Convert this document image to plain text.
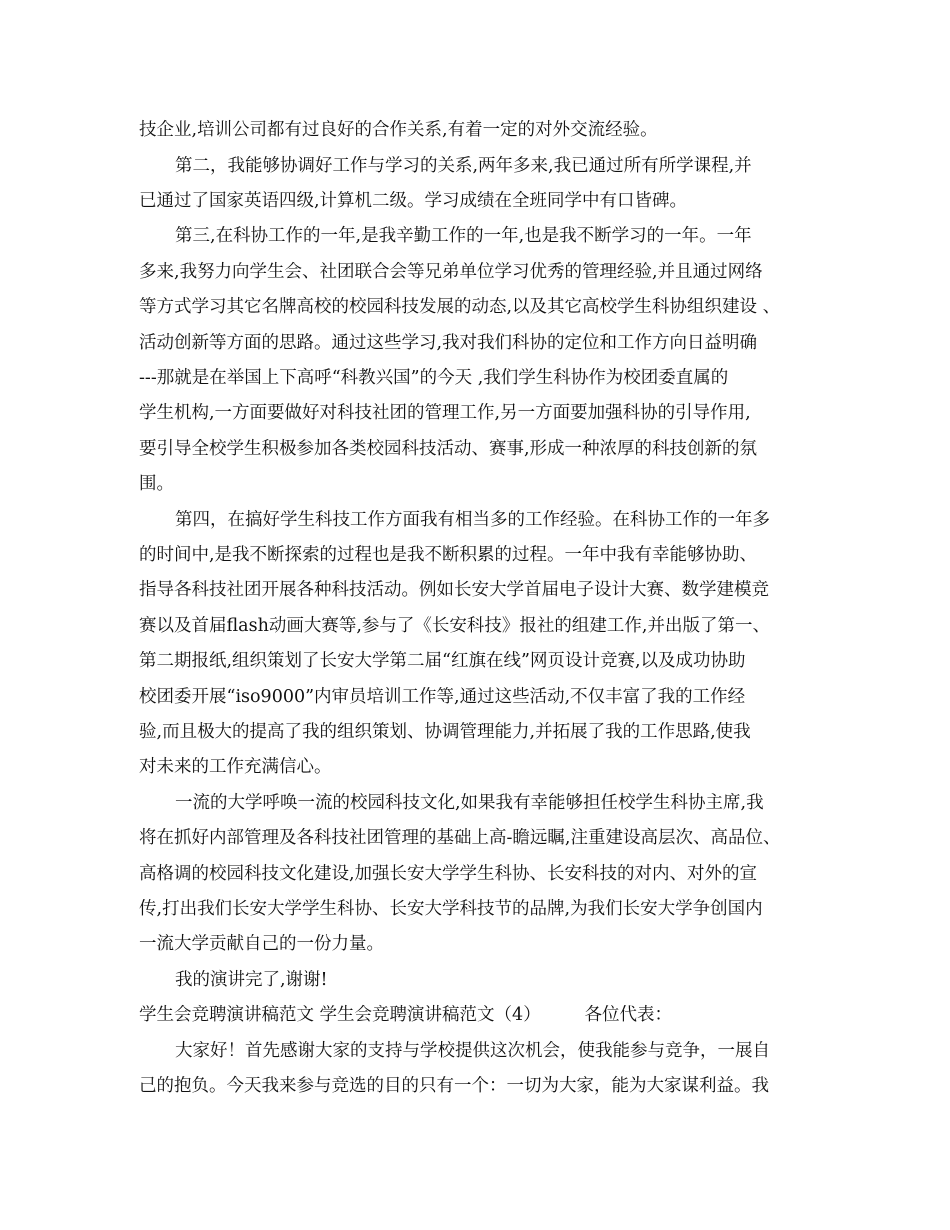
技企业,培训公司都有过良好的合作关系,有着一定的对外交流经验。
第二，我能够协调好工作与学习的关系,两年多来,我已通过所有所学课程,并
已通过了国家英语四级,计算机二级。学习成绩在全班同学中有口皆碑。
第三,在科协工作的一年,是我辛勤工作的一年,也是我不断学习的一年。一年
多来,我努力向学生会、社团联合会等兄弟单位学习优秀的管理经验,并且通过网络
等方式学习其它名牌高校的校园科技发展的动态,以及其它高校学生科协组织建设 、
活动创新等方面的思路。通过这些学习,我对我们科协的定位和工作方向日益明确
---那就是在举国上下高呼“科教兴国”的今天 ,我们学生科协作为校团委直属的
学生机构,一方面要做好对科技社团的管理工作,另一方面要加强科协的引导作用,
要引导全校学生积极参加各类校园科技活动、赛事,形成一种浓厚的科技创新的氛
围。
第四，在搞好学生科技工作方面我有相当多的工作经验。在科协工作的一年多
的时间中,是我不断探索的过程也是我不断积累的过程。一年中我有幸能够协助、
指导各科技社团开展各种科技活动。例如长安大学首届电子设计大赛、数学建模竞
赛以及首届flash动画大赛等,参与了《长安科技》报社的组建工作,并出版了第一、
第二期报纸,组织策划了长安大学第二届“红旗在线”网页设计竞赛,以及成功协助
校团委开展“iso9000”内审员培训工作等,通过这些活动,不仅丰富了我的工作经
验,而且极大的提高了我的组织策划、协调管理能力,并拓展了我的工作思路,使我
对未来的工作充满信心。
一流的大学呼唤一流的校园科技文化,如果我有幸能够担任校学生科协主席,我
将在抓好内部管理及各科技社团管理的基础上高-瞻远瞩,注重建设高层次、高品位、
高格调的校园科技文化建设,加强长安大学学生科协、长安科技的对内、对外的宣
传,打出我们长安大学学生科协、长安大学科技节的品牌,为我们长安大学争创国内
一流大学贡献自己的一份力量。
我的演讲完了,谢谢!
学生会竞聘演讲稿范文 学生会竞聘演讲稿范文（4）　　　各位代表：
大家好！首先感谢大家的支持与学校提供这次机会，使我能参与竞争，一展自
己的抱负。今天我来参与竞选的目的只有一个：一切为大家，能为大家谋利益。我
